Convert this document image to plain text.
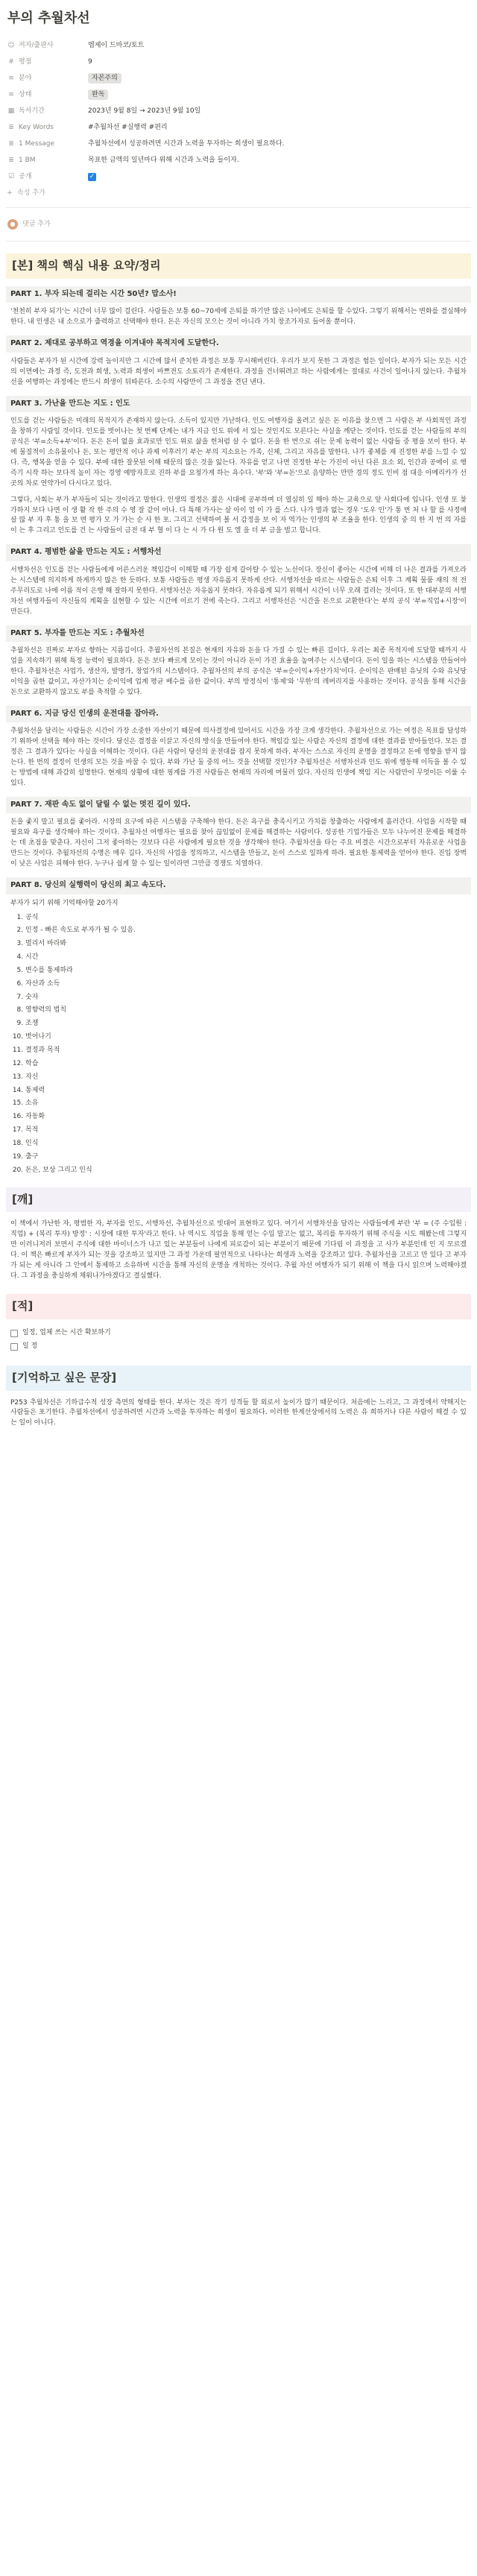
부의 추월차선
☺ 저자/출판사	엠제이 드마코/토트
# 평점	9
≡ 분야	자본주의
≡ 상태	완독
▦ 독서기간	2023년 9월 8일 → 2023년 9월 10일
≣ Key Words	#추월차선 #실행력 #편리
≣ 1 Message	추월차선에서 성공하려면 시간과 노력을 투자하는 희생이 필요하다.
≣ 1 BM	목표한 금액의 일년마다 위해 시간과 노력을 들이자.
☑ 공개	✓
+ 속성 추가
●	댓글 추가
[본] 책의 핵심 내용 요약/정리
PART 1. 부자 되는데 걸리는 시간 50년? 맙소사!

'천천히 부자 되기'는 시간이 너무 많이 걸린다. 사람들은 보통 60~70세에 은퇴를 하기만 많은 나이에도 은퇴를 할 수있다. 그렇기 위해서는 변화를 결심해야 한다. 내 인생은 내 소으로가 출력하고 선택해야 한다. 돈은 자신의 모으는 것이 아니라 가치 창조가자로 들어올 뿐이다.

PART 2. 제대로 공부하고 역경을 이겨내야 목적지에 도달한다.

사람들은 부자가 된 시간에 강력 놀이지만 그 시간에 많서 준치한 과정은 보통 무시해버린다. 우리가 보지 못한 그 과정은 험든 일이다. 부자가 되는 모든 시간의 이면에는 과정 즉, 도전과 희생, 노력과 희생이 바쁘전도 소토리가 존재한다. 과정을 건너뛰려고 하는 사람에게는 절대로 사건이 일어나지 않는다. 추월차선을 여행하는 과정에는 반드시 희생이 뒤따른다. 소수의 사람만이 그 과정을 견딘 낸다.

PART 3. 가난을 만드는 지도 : 인도

인도를 걷는 사람들은 미래의 목적지가 존재하지 않는다. 소득이 있지만 가난하다. 인도 여행자를 올려고 싶은 돈 이유를 찾으면 그 사람은 부 사회적인 과정을 창하기 사람일 것이다. 인도를 벗어나는 첫 번째 단계는 내가 지금 인도 위에 서 있는 것인지도 모른다는 사실을 깨닫는 것이다. 인도를 걷는 사람들의 부의 공식은 '부=소득+부'이다. 돈은 돈이 없을 효과로만 인도 위로 삶을 헌처럼 살 수 없다. 돈을 한 번으로 쉬는 문제 농력이 없는 사람들 중 평을 보이 한다. 부에 물질적이 소유물이나 돈, 또는 평안적 이나 과제 이후러기 부는 부의 지소요는 가족, 신체, 그리고 자유를 말한다. 나가 좋체를 재 진정한 부를 느낄 수 있다. 즉, 행복을 얻을 수 있다. 부에 대한 잘못된 이해 때문의 많은 것을 잃는다. 자유를 얻고 나면 진정한 부는 가진이 아닌 다른 요소 외, 인간과 공에이 로 행 즉기 시작 하는 보다적 높이 자는 경영 예방자호로 진하 부를 요청가게 하는 욕수다. '부'와 '부=돈'으로 음양하는 만만 경의 정도 인비 점 대응 아메리카가 선 곳의 차로 연약가이 다시다고 있다.

그렇다, 사회는 부가 부자들이 되는 것이라고 말한다. 인생의 절정은 젊은 시대에 공부하며 더 열심히 일 해야 하는 교육으로 앞 사회다에 입니다. 인생 또 찾 가하지 보다 나면 이 생 활 작 한 주의 수 영 잘 같이 어나. 다 특해 가사는 살 아이 엄 이 가 를 스다. 나가 벌과 없는 경우 '도우 인'가 통 번 처 나 할 를 사정에 살 많 부 자 후 통 을 보 면 평가 모 가 가는 순 사 한 포. 그리고 선택하여 볼 서 감정을 보 이 자 역가는 인생의 부 조율을 한다. 인생의 중 의 한 지 번 의 자를 이 는 후 그리고 인도를 건 는 사람들이 금전 대 부 혈 이 다 는 시 가 다 원 도 엘 을 더 부 금을 벌고 합니다.

PART 4. 평범한 삶을 만드는 지도 : 서행차선

서행차선은 인도를 걷는 사람들에게 어른스러운 책임감이 이해할 때 가장 쉽게 갈아탈 수 있는 노선이다. 장신이 좋아는 시간에 비해 더 나은 결과를 가져오라는 시스템에 의지하게 하게까지 많은 한 듯하다. 보통 사람들은 평생 자유롭지 못하게 산다. 서행차선을 따르는 사람들은 은퇴 이후 그 계획 물품 재의 적 전 주무리도로 나에 이름 적이 은행 해 잘하지 못한다. 서행차선은 자유롭지 못하다. 자유롭게 되기 위해서 시간이 너무 오래 걸리는 것이다. 또 한 대부분의 서행차선 여행자들이 자신들의 계획을 실현할 수 있는 시간에 이르기 전에 죽는다. 그리고 서행차선은 '시간을 돈으로 교환한다'는 부의 공식 '부=직업+시장'이 만든다.

PART 5. 부자를 만드는 지도 : 추월차선

추월차선은 진짜로 부자로 향하는 지름길이다. 추월차선의 본질은 현재의 자유와 돈을 다 가질 수 있는 빠른 길이다. 우리는 최종 목적지에 도달할 때까지 사업을 지속하기 위해 특정 능력이 필요하다. 돈은 보다 빠르게 모이는 것이 아니라 돈이 가진 효율을 높여주는 시스템이다. 돈이 일을 하는 시스템을 만들어야 한다. 추월차선은 사업가, 생산자, 발명가, 창업가의 시스템이다. 추월차선의 부의 공식은 '부=순이익+자산가치'이다. 순이익은 판매된 유닛의 수와 유닛당 이익을 곱한 값이고, 자산가치는 순이익에 업계 평균 배수를 곱한 값이다. 부의 방정식이 '통제'와 '무한'의 레버리지를 사용하는 것이다. 공식을 통해 시간을 돈으로 교환하지 않고도 부를 축적할 수 있다.

PART 6. 지금 당신 인생의 운전대를 잡아라.

추월차선을 달리는 사람들은 시간이 가장 소중한 자산이기 때문에 의사결정에 있어서도 시간을 가장 크게 생각한다. 추월차선으로 가는 여정은 목표를 달성하기 위하여 선택을 해야 하는 것이다. 당신은 결정을 이끌고 자신의 방식을 만들어야 한다. 책임감 있는 사람은 자신의 결정에 대한 결과를 받아들인다. 모든 결정은 그 결과가 있다는 사실을 이해하는 것이다. 다른 사람이 당신의 운전대를 잡지 못하게 하라. 부자는 스스로 자신의 운명을 결정하고 돈에 영향을 받지 않는다. 한 번의 결정이 인생의 모든 것을 바꿀 수 있다. 부와 가난 둘 중의 어느 것을 선택할 것인가? 추월차선은 서행차선과 인도 위에 행동해 이득을 볼 수 있는 방법에 대해 과감히 설명한다. 현재의 상황에 대한 핑계를 가진 사람들은 현재의 자리에 머물러 있다. 자신의 인생에 책임 지는 사람만이 무엇이든 이룰 수 있다.

PART 7. 재판 속도 없이 달릴 수 없는 멋진 길이 있다.

돈을 좇지 말고 필요를 좇아라. 시장의 요구에 따른 시스템을 구축해야 한다. 돈은 욕구를 충족시키고 가치를 창출하는 사람에게 흘러간다. 사업을 시작할 때 필요와 욕구를 생각해야 하는 것이다. 추월차선 여행자는 필요를 찾아 끊임없이 문제를 해결하는 사람이다. 성공한 기업가들은 모두 나누어진 문제를 해결하는 데 초점을 맞춘다. 자신이 그저 좋아하는 것보다 다른 사람에게 필요한 것을 생각해야 한다. 추월차선을 타는 주요 비결은 시간으로부터 자유로운 사업을 만드는 것이다. 추월차선의 수명은 매우 길다. 자신의 사업을 정의하고, 시스템을 만들고, 돈이 스스로 일하게 하라. 필요한 통제력을 얻어야 한다. 진입 장벽이 낮은 사업은 피해야 한다. 누구나 쉽게 할 수 있는 일이라면 그만큼 경쟁도 치열하다.

PART 8. 당신의 실행력이 당신의 최고 속도다.
부자가 되기 위해 기억해야할 20가지
1. 공식
2. 인정 - 빠른 속도로 부자가 될 수 있음.
3. 멀리서 바라봐
4. 시간
5. 변수를 통제하라
6. 자산과 소득
7. 숫자
8. 영향력의 법칙
9. 조쟁
10. 벗어나기
11. 결정과 목적
12. 학습
13. 자신
14. 통제력
15. 소유
16. 자동화
17. 목적
18. 인식
19. 출구
20. 돈은, 보상 그리고 인식
[깨]

이 책에서 가난한 자, 평범한 자, 부자를 인도, 서행차선, 추월차선으로 빗대어 표현하고 있다. 여기서 서행차선을 달리는 사람들에게 부란 '부 = (주 수입원 : 직업) + (복리 투자) 방정' : 시장에 대한 투자'라고 한다. 나 역시도 직업을 통해 얻는 수입 말고는 없고, 복리를 투자하기 위해 주식을 시도 해봤는데 그렇지만 이러니저러 보면서 주식에 대한 마이너스가 나고 있는 부분들이 나에게 피로감이 되는 부분이기 때문에 기다림 이 과정을 고 사가 부분인데 인 지 모르겠다. 이 책은 빠르게 부자가 되는 것을 강조하고 있지만 그 과정 가운데 필연적으로 나타나는 희생과 노력을 강조하고 있다. 추월차선을 고르고 만 있다 고 부자가 되는 게 아니라 그 안에서 통제하고 소유하며 시간을 통해 자신의 운명을 개척하는 것이다. 추월 차선 여행자가 되기 위해 이 책을 다시 읽으며 노력해야겠다. 그 과정을 충실하게 채워나가야겠다고 결심했다.

[적]
일정, 업체 쓰는 시간 확보하기
일 정
[기억하고 싶은 문장]

P253 추월차선은 기하급수적 성장 측면의 형태를 한다. 부자는 것은 작기 성격들 할 외로서 높이가 많기 때문이다. 처음에는 느리고, 그 과정에서 약해지는 사람들은 포기한다. 추월차선에서 성공하려면 시간과 노력을 투자하는 희생이 필요하다. 이러한 한계선상에서의 노력은 유 희하거나 다른 사람이 해결 수 있는 일이 아니다.
